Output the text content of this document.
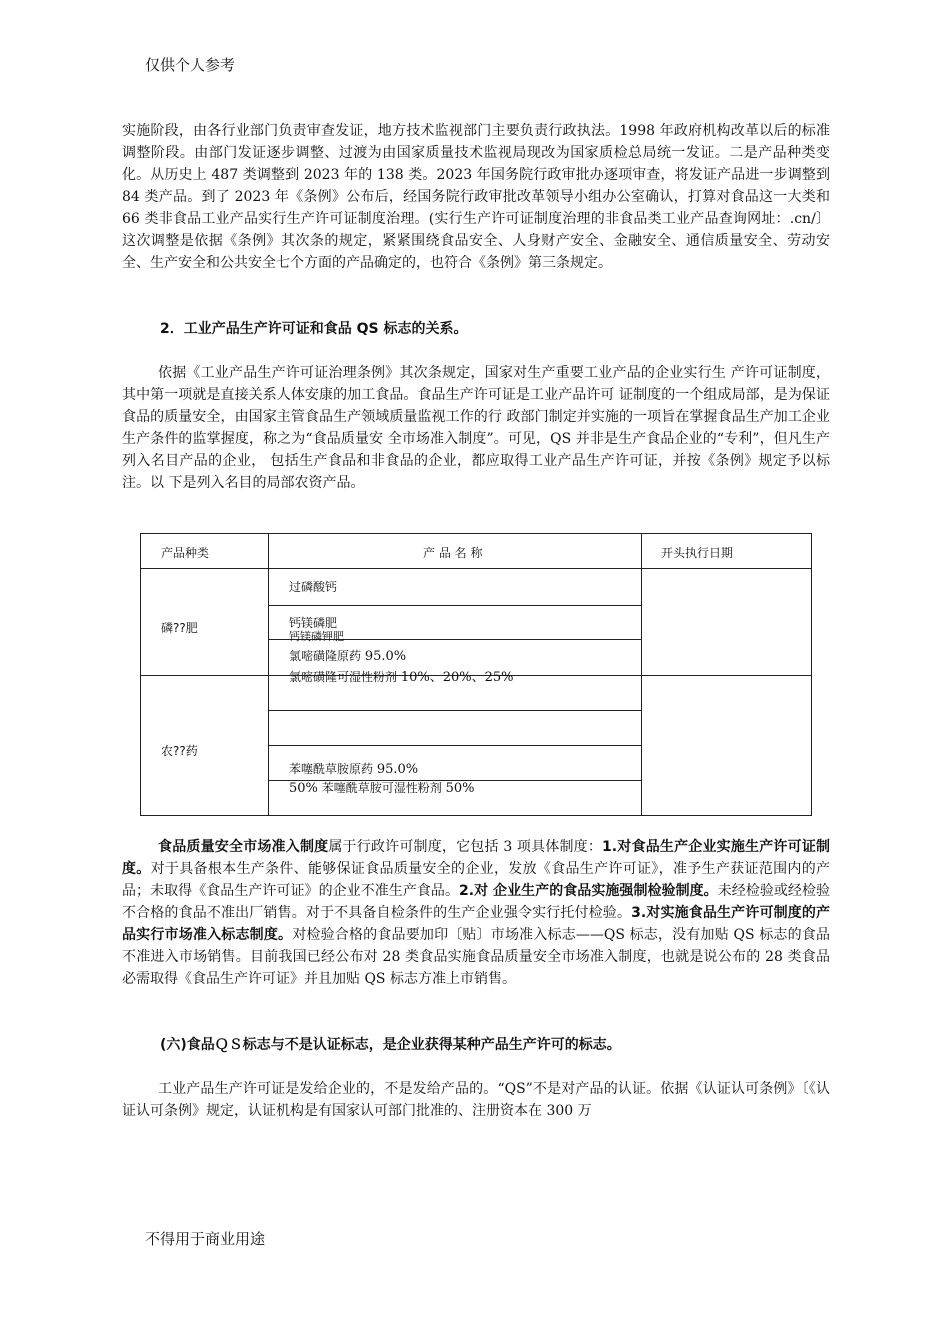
仅供个人参考

实施阶段，由各行业部门负责审查发证，地方技术监视部门主要负责行政执法。1998 年政府机构改革以后的标准调整阶段。由部门发证逐步调整、过渡为由国家质量技术监视局现改为国家质检总局统一发证。二是产品种类变化。从历史上 487 类调整到 2023 年的 138 类。2023 年国务院行政审批办逐项审查，将发证产品进一步调整到 84 类产品。到了 2023 年《条例》公布后，经国务院行政审批改革领导小组办公室确认，打算对食品这一大类和 66 类非食品工业产品实行生产许可证制度治理。(实行生产许可证制度治理的非食品类工业产品查询网址：.cn/〕这次调整是依据《条例》其次条的规定，紧紧围绕食品安全、人身财产安全、金融安全、通信质量安全、劳动安全、生产安全和公共安全七个方面的产品确定的，也符合《条例》第三条规定。

2．工业产品生产许可证和食品 QS 标志的关系。

依据《工业产品生产许可证治理条例》其次条规定，国家对生产重要工业产品的企业实行生 产许可证制度，其中第一项就是直接关系人体安康的加工食品。食品生产许可证是工业产品许可 证制度的一个组成局部，是为保证食品的质量安全，由国家主管食品生产领域质量监视工作的行 政部门制定并实施的一项旨在掌握食品生产加工企业生产条件的监掌握度，称之为“食品质量安 全市场准入制度”。可见，QS 并非是生产食品企业的“专利”，但凡生产列入名目产品的企业， 包括生产食品和非食品的企业，都应取得工业产品生产许可证，并按《条例》规定予以标注。以 下是列入名目的局部农资产品。

产品种类	产 品 名 称	开头执行日期
磷??肥
农??药
过磷酸钙
钙镁磷肥
钙镁磷钾肥
氯嘧磺隆原药 95.0%
氯嘧磺隆可湿性粉剂 10%、20%、25%
苯噻酰草胺原药 95.0%
50% 苯噻酰草胺可湿性粉剂 50%

食品质量安全市场准入制度属于行政许可制度，它包括 3 项具体制度：1.对食品生产企业实施生产许可证制度。对于具备根本生产条件、能够保证食品质量安全的企业，发放《食品生产许可证》，准予生产获证范围内的产品；未取得《食品生产许可证》的企业不准生产食品。2.对 企业生产的食品实施强制检验制度。未经检验或经检验不合格的食品不准出厂销售。对于不具备自检条件的生产企业强令实行托付检验。3.对实施食品生产许可制度的产品实行市场准入标志制度。对检验合格的食品要加印〔贴〕市场准入标志——QS 标志，没有加贴 QS 标志的食品不准进入市场销售。目前我国已经公布对 28 类食品实施食品质量安全市场准入制度，也就是说公布的 28 类食品必需取得《食品生产许可证》并且加贴 QS 标志方准上市销售。

(六)食品ＱＳ标志与不是认证标志，是企业获得某种产品生产许可的标志。

工业产品生产许可证是发给企业的，不是发给产品的。“QS”不是对产品的认证。依据《认证认可条例》〔《认证认可条例》规定，认证机构是有国家认可部门批准的、注册资本在 300 万

不得用于商业用途
